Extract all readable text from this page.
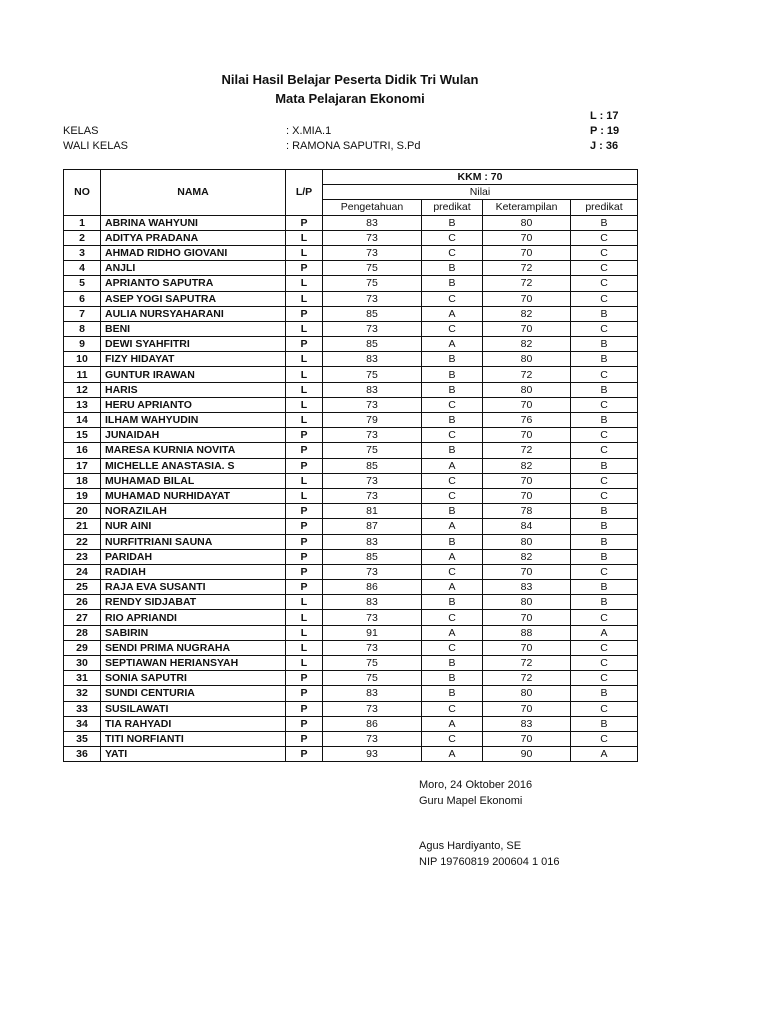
Nilai Hasil Belajar Peserta Didik Tri Wulan
Mata Pelajaran Ekonomi
L : 17
KELAS	: X.MIA.1	P : 19
WALI KELAS	: RAMONA SAPUTRI, S.Pd	J : 36
NO	NAMA	L/P	KKM : 70			
			Nilai			
			Pengetahuan	predikat	Keterampilan	predikat
1	ABRINA WAHYUNI	P	83	B	80	B
2	ADITYA PRADANA	L	73	C	70	C
3	AHMAD RIDHO GIOVANI	L	73	C	70	C
4	ANJLI	P	75	B	72	C
5	APRIANTO SAPUTRA	L	75	B	72	C
6	ASEP YOGI SAPUTRA	L	73	C	70	C
7	AULIA NURSYAHARANI	P	85	A	82	B
8	BENI	L	73	C	70	C
9	DEWI SYAHFITRI	P	85	A	82	B
10	FIZY HIDAYAT	L	83	B	80	B
11	GUNTUR IRAWAN	L	75	B	72	C
12	HARIS	L	83	B	80	B
13	HERU APRIANTO	L	73	C	70	C
14	ILHAM WAHYUDIN	L	79	B	76	B
15	JUNAIDAH	P	73	C	70	C
16	MARESA KURNIA NOVITA	P	75	B	72	C
17	MICHELLE ANASTASIA. S	P	85	A	82	B
18	MUHAMAD BILAL	L	73	C	70	C
19	MUHAMAD NURHIDAYAT	L	73	C	70	C
20	NORAZILAH	P	81	B	78	B
21	NUR AINI	P	87	A	84	B
22	NURFITRIANI SAUNA	P	83	B	80	B
23	PARIDAH	P	85	A	82	B
24	RADIAH	P	73	C	70	C
25	RAJA EVA SUSANTI	P	86	A	83	B
26	RENDY SIDJABAT	L	83	B	80	B
27	RIO APRIANDI	L	73	C	70	C
28	SABIRIN	L	91	A	88	A
29	SENDI PRIMA NUGRAHA	L	73	C	70	C
30	SEPTIAWAN HERIANSYAH	L	75	B	72	C
31	SONIA SAPUTRI	P	75	B	72	C
32	SUNDI CENTURIA	P	83	B	80	B
33	SUSILAWATI	P	73	C	70	C
34	TIA RAHYADI	P	86	A	83	B
35	TITI NORFIANTI	P	73	C	70	C
36	YATI	P	93	A	90	A
Moro, 24 Oktober 2016
Guru Mapel Ekonomi
Agus Hardiyanto, SE
NIP 19760819 200604 1 016
